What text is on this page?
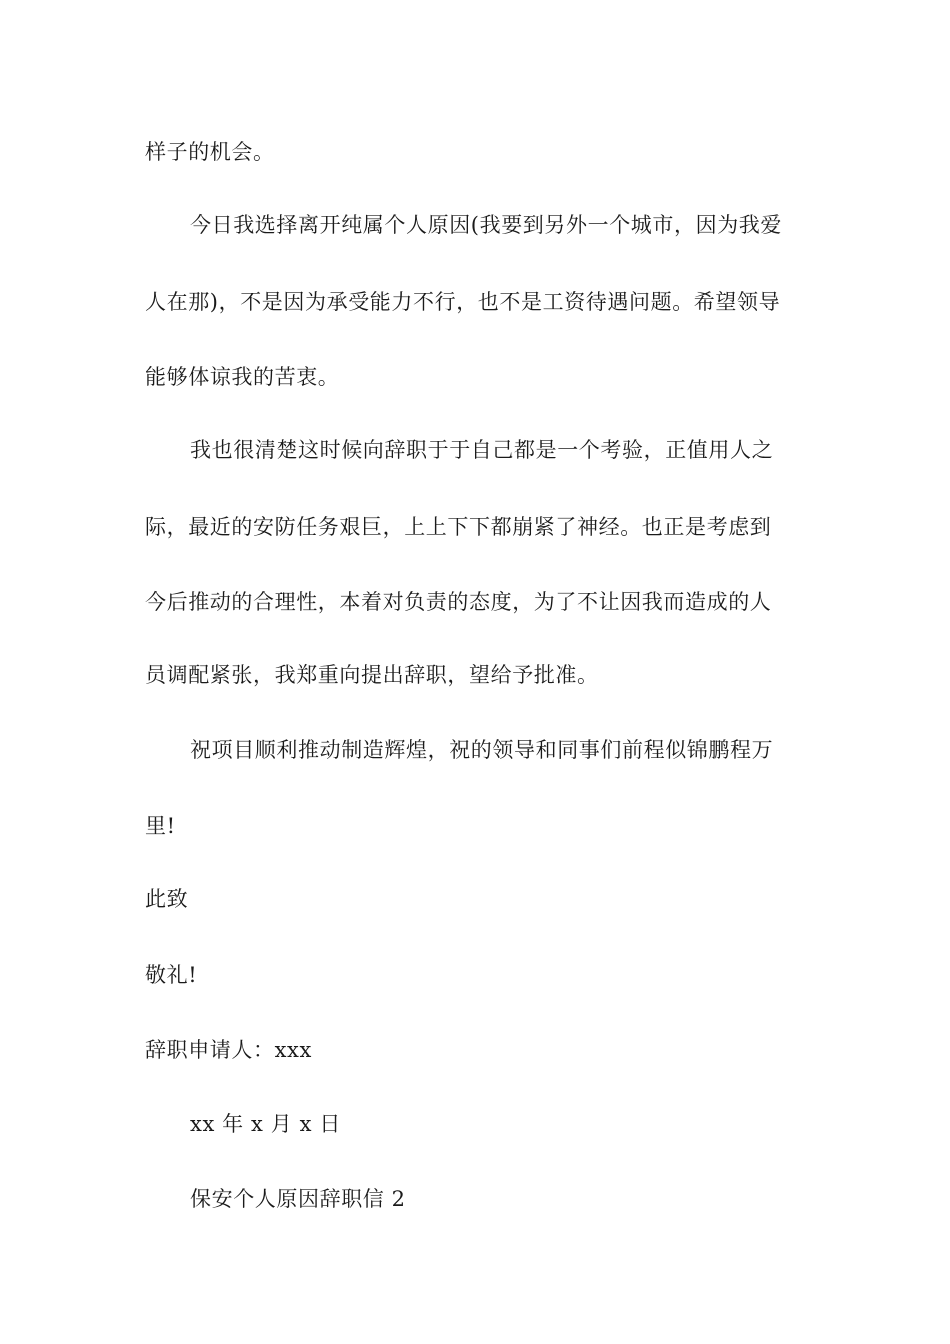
样子的机会。
今日我选择离开纯属个人原因(我要到另外一个城市，因为我爱
人在那)，不是因为承受能力不行，也不是工资待遇问题。希望领导
能够体谅我的苦衷。
我也很清楚这时候向辞职于于自己都是一个考验，正值用人之
际，最近的安防任务艰巨，上上下下都崩紧了神经。也正是考虑到
今后推动的合理性，本着对负责的态度，为了不让因我而造成的人
员调配紧张，我郑重向提出辞职，望给予批准。
祝项目顺利推动制造辉煌，祝的领导和同事们前程似锦鹏程万
里!
此致
敬礼!
辞职申请人：xxx
xx 年 x 月 x 日
保安个人原因辞职信 2
